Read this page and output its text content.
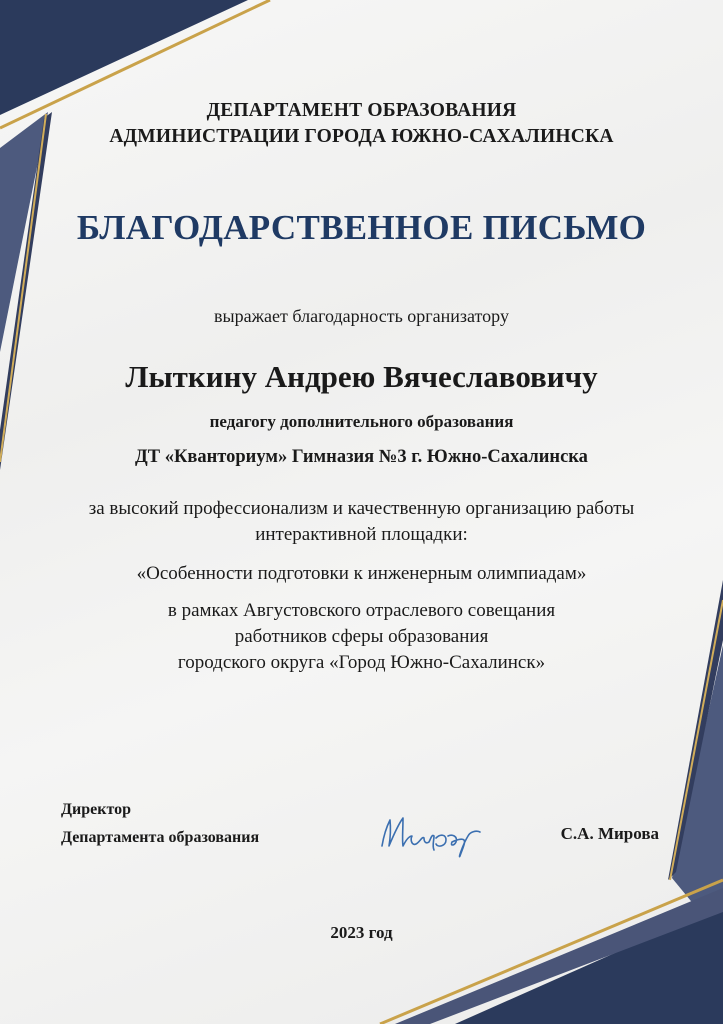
ДЕПАРТАМЕНТ ОБРАЗОВАНИЯ
АДМИНИСТРАЦИИ ГОРОДА ЮЖНО-САХАЛИНСКА
БЛАГОДАРСТВЕННОЕ ПИСЬМО
выражает благодарность организатору
Лыткину Андрею Вячеславовичу
педагогу дополнительного образования
ДТ «Кванториум» Гимназия №3 г. Южно-Сахалинска
за высокий профессионализм и качественную организацию работы
интерактивной площадки:
«Особенности подготовки к инженерным олимпиадам»
в рамках Августовского отраслевого совещания
работников сферы образования
городского округа «Город Южно-Сахалинск»
Директор
Департамента образования	С.А. Мирова
2023 год
